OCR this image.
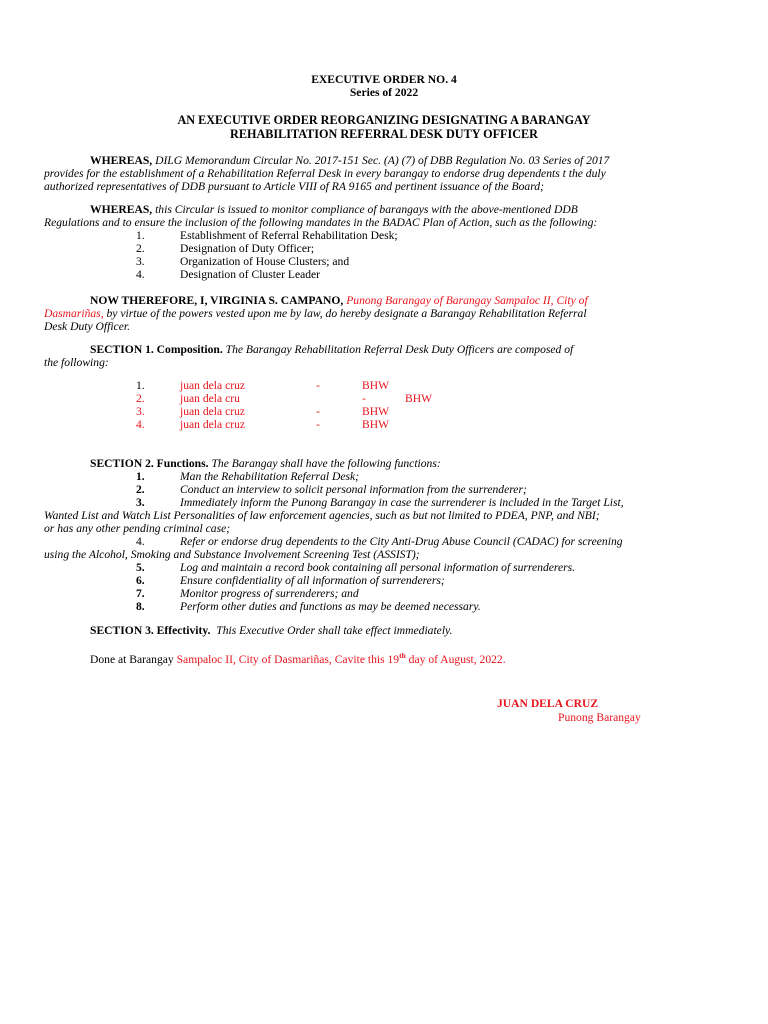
EXECUTIVE ORDER NO. 4
Series of 2022
AN EXECUTIVE ORDER REORGANIZING DESIGNATING A BARANGAY
REHABILITATION REFERRAL DESK DUTY OFFICER
WHEREAS, DILG Memorandum Circular No. 2017-151 Sec. (A) (7) of DBB Regulation No. 03 Series of 2017
provides for the establishment of a Rehabilitation Referral Desk in every barangay to endorse drug dependents t the duly
authorized representatives of DDB pursuant to Article VIII of RA 9165 and pertinent issuance of the Board;
WHEREAS, this Circular is issued to monitor compliance of barangays with the above-mentioned DDB
Regulations and to ensure the inclusion of the following mandates in the BADAC Plan of Action, such as the following:
1.	Establishment of Referral Rehabilitation Desk;
2.	Designation of Duty Officer;
3.	Organization of House Clusters; and
4.	Designation of Cluster Leader
NOW THEREFORE, I, VIRGINIA S. CAMPANO, Punong Barangay of Barangay Sampaloc II, City of
Dasmariñas, by virtue of the powers vested upon me by law, do hereby designate a Barangay Rehabilitation Referral
Desk Duty Officer.
SECTION 1. Composition. The Barangay Rehabilitation Referral Desk Duty Officers are composed of
the following:
1.	juan dela cruz	-	BHW
2.	juan dela cru	-	BHW
3.	juan dela cruz	-	BHW
4.	juan dela cruz	-	BHW
SECTION 2. Functions. The Barangay shall have the following functions:
1.	Man the Rehabilitation Referral Desk;
2.	Conduct an interview to solicit personal information from the surrenderer;
3.	Immediately inform the Punong Barangay in case the surrenderer is included in the Target List,
Wanted List and Watch List Personalities of law enforcement agencies, such as but not limited to PDEA, PNP, and NBI;
or has any other pending criminal case;
4.	Refer or endorse drug dependents to the City Anti-Drug Abuse Council (CADAC) for screening
using the Alcohol, Smoking and Substance Involvement Screening Test (ASSIST);
5.	Log and maintain a record book containing all personal information of surrenderers.
6.	Ensure confidentiality of all information of surrenderers;
7.	Monitor progress of surrenderers; and
8.	Perform other duties and functions as may be deemed necessary.
SECTION 3. Effectivity. This Executive Order shall take effect immediately.
Done at Barangay Sampaloc II, City of Dasmariñas, Cavite this 19th day of August, 2022.
JUAN DELA CRUZ
Punong Barangay
